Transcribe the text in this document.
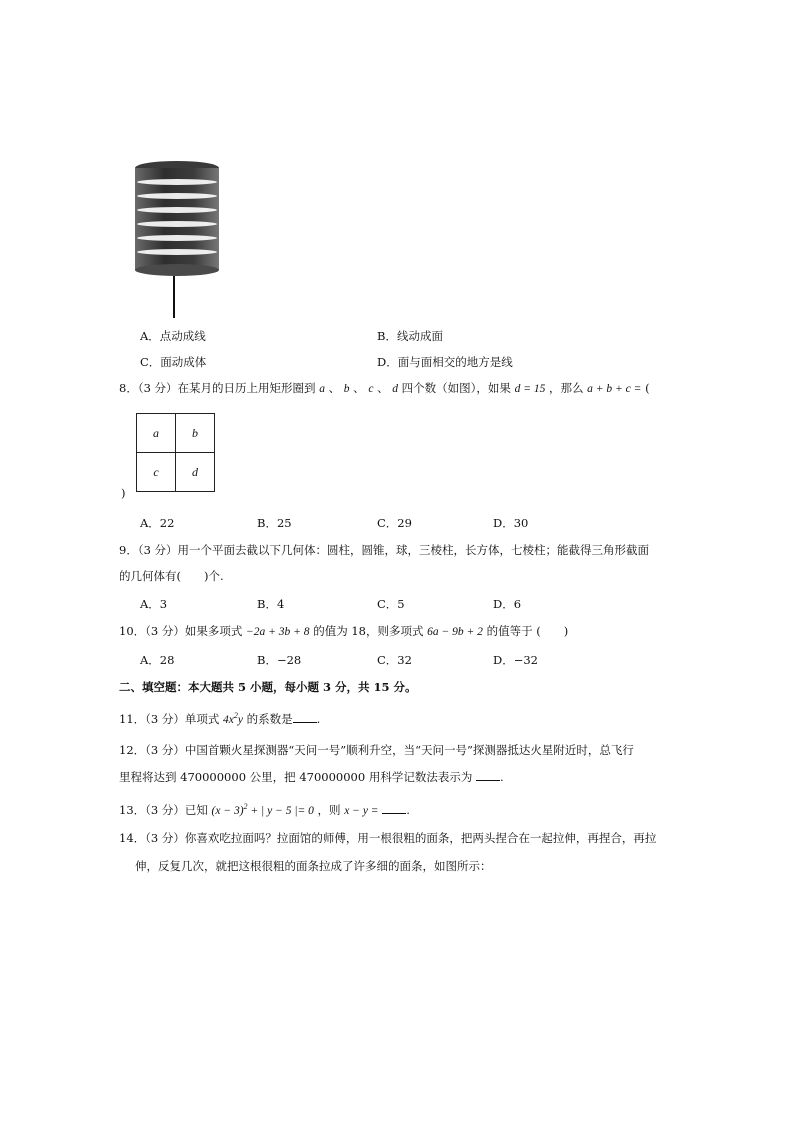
A．点动成线	B．线动成面
C．面动成体	D．面与面相交的地方是线
8．（3 分）在某月的日历上用矩形圈到 a 、 b 、 c 、 d 四个数（如图），如果 d = 15 ，那么 a + b + c = (
a	b
c	d
)
A．22	B．25	C．29	D．30
9．（3 分）用一个平面去截以下几何体：圆柱，圆锥，球，三棱柱，长方体，七棱柱；能截得三角形截面
的几何体有(　　)个.
A．3	B．4	C．5	D．6
10．（3 分）如果多项式 −2a + 3b + 8 的值为 18，则多项式 6a − 9b + 2 的值等于 (　　)
A．28	B．−28	C．32	D．−32
二、填空题：本大题共 5 小题，每小题 3 分，共 15 分。
11．（3 分）单项式 $4x^2y$ 的系数是 .
12．（3 分）中国首颗火星探测器“天问一号”顺利升空，当“天问一号”探测器抵达火星附近时，总飞行
里程将达到 470000000 公里，把 470000000 用科学记数法表示为 .
13．（3 分）已知 $(x - 3)^2$ + | y − 5 |= 0 ，则 x − y = .
14．（3 分）你喜欢吃拉面吗？拉面馆的师傅，用一根很粗的面条，把两头捏合在一起拉伸，再捏合，再拉
伸，反复几次，就把这根很粗的面条拉成了许多细的面条，如图所示：
